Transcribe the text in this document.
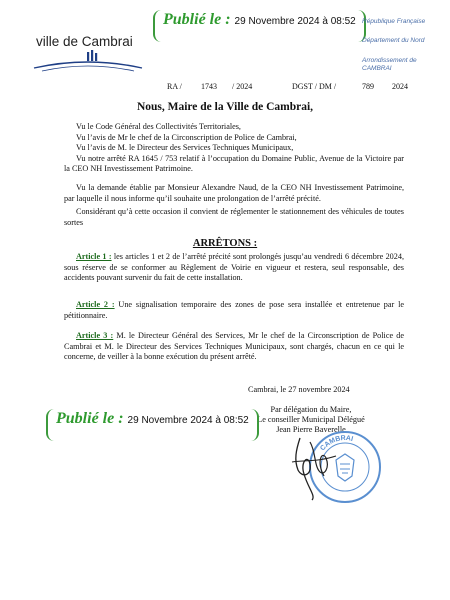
ville de Cambrai
Publié le : 29 Novembre 2024 à 08:52 République Française
Département du Nord
Arrondissement de CAMBRAI
RA / 1743 / 2024	DGST / DM /	789 2024
Nous, Maire de la Ville de Cambrai,

Vu le Code Général des Collectivités Territoriales,

Vu l’avis de Mr le chef de la Circonscription de Police de Cambrai,

Vu l’avis de M. le Directeur des Services Techniques Municipaux,

Vu notre arrêté RA 1645 / 753 relatif à l’occupation du Domaine Public, Avenue de la Victoire par la CEO NH Investissement Patrimoine.

Vu la demande établie par Monsieur Alexandre Naud, de la CEO NH Investissement Patrimoine, par laquelle il nous informe qu’il souhaite une prolongation de l’arrêté précité.

Considérant qu’à cette occasion il convient de réglementer le stationnement des véhicules de toutes sortes

ARRÊTONS :

Article 1 : les articles 1 et 2 de l’arrêté précité sont prolongés jusqu’au vendredi 6 décembre 2024, sous réserve de se conformer au Règlement de Voirie en vigueur et restera, seul responsable, des accidents pouvant survenir du fait de cette installation.

Article 2 : Une signalisation temporaire des zones de pose sera installée et entretenue par le pétitionnaire.

Article 3 : M. le Directeur Général des Services, Mr le chef de la Circonscription de Police de Cambrai et M. le Directeur des Services Techniques Municipaux, sont chargés, chacun en ce qui le concerne, de veiller à la bonne exécution du présent arrêté.

Cambrai, le 27 novembre 2024
Par délégation du Maire,
Le conseiller Municipal Délégué
Jean Pierre Baverelle
Publié le : 29 Novembre 2024 à 08:52
CAMBRAI
